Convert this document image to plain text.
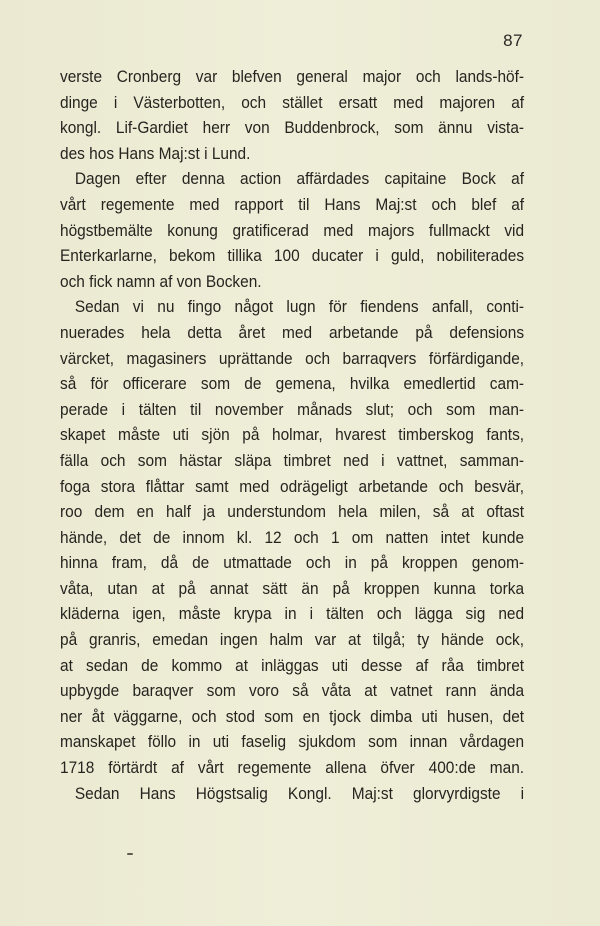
87
verste Cronberg var blefven general major och lands-höf-
dinge i Västerbotten, och stället ersatt med majoren af
kongl. Lif-Gardiet herr von Buddenbrock, som ännu vista-
des hos Hans Maj:st i Lund.
Dagen efter denna action affärdades capitaine Bock af
vårt regemente med rapport til Hans Maj:st och blef af
högstbemälte konung gratificerad med majors fullmackt vid
Enterkarlarne, bekom tillika 100 ducater i guld, nobiliterades
och fick namn af von Bocken.
Sedan vi nu fingo något lugn för fiendens anfall, conti-
nuerades hela detta året med arbetande på defensions
värcket, magasiners uprättande och barraqvers förfärdigande,
så för officerare som de gemena, hvilka emedlertid cam-
perade i tälten til november månads slut; och som man-
skapet måste uti sjön på holmar, hvarest timberskog fants,
fälla och som hästar släpa timbret ned i vattnet, samman-
foga stora flåttar samt med odrägeligt arbetande och besvär,
roo dem en half ja understundom hela milen, så at oftast
hände, det de innom kl. 12 och 1 om natten intet kunde
hinna fram, då de utmattade och in på kroppen genom-
våta, utan at på annat sätt än på kroppen kunna torka
kläderna igen, måste krypa in i tälten och lägga sig ned
på granris, emedan ingen halm var at tilgå; ty hände ock,
at sedan de kommo at inläggas uti desse af råa timbret
upbygde baraqver som voro så våta at vatnet rann ända
ner åt väggarne, och stod som en tjock dimba uti husen, det
manskapet föllo in uti faselig sjukdom som innan vårdagen
1718 förtärdt af vårt regemente allena öfver 400:de man.
Sedan Hans Högstsalig Kongl. Maj:st glorvyrdigste i
